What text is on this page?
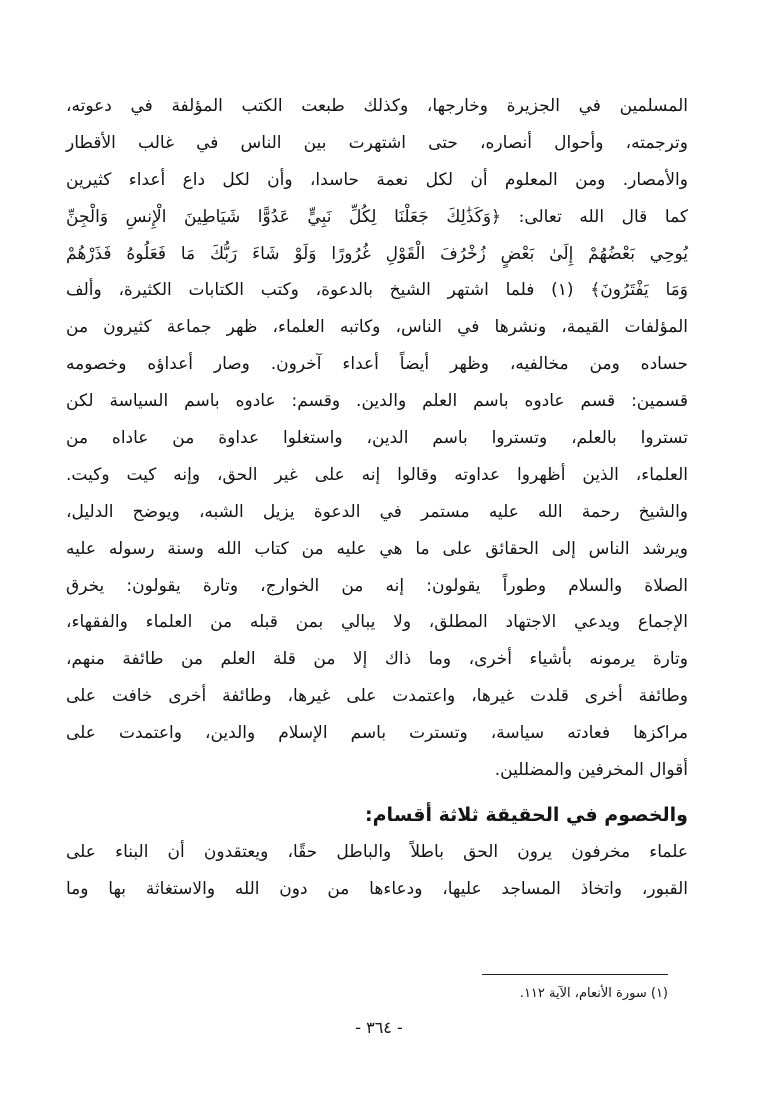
المسلمين في الجزيرة وخارجها، وكذلك طبعت الكتب المؤلفة في دعوته،
وترجمته، وأحوال أنصاره، حتى اشتهرت بين الناس في غالب الأقطار
والأمصار. ومن المعلوم أن لكل نعمة حاسدا، وأن لكل داع أعداء كثيرين
كما قال الله تعالى: ﴿وَكَذَٰلِكَ جَعَلْنَا لِكُلِّ نَبِيٍّ عَدُوًّا شَيَاطِينَ الْإِنسِ وَالْجِنِّ
يُوحِي بَعْضُهُمْ إِلَىٰ بَعْضٍ زُخْرُفَ الْقَوْلِ غُرُورًا وَلَوْ شَاءَ رَبُّكَ مَا فَعَلُوهُ فَذَرْهُمْ
وَمَا يَفْتَرُونَ﴾ (١) فلما اشتهر الشيخ بالدعوة، وكتب الكتابات الكثيرة، وألف
المؤلفات القيمة، ونشرها في الناس، وكاتبه العلماء، ظهر جماعة كثيرون من
حساده ومن مخالفيه، وظهر أيضاً أعداء آخرون. وصار أعداؤه وخصومه
قسمين: قسم عادوه باسم العلم والدين. وقسم: عادوه باسم السياسة لكن
تستروا بالعلم، وتستروا باسم الدين، واستغلوا عداوة من عاداه من
العلماء، الذين أظهروا عداوته وقالوا إنه على غير الحق، وإنه كيت وكيت.
والشيخ رحمة الله عليه مستمر في الدعوة يزيل الشبه، ويوضح الدليل،
ويرشد الناس إلى الحقائق على ما هي عليه من كتاب الله وسنة رسوله عليه
الصلاة والسلام وطوراً يقولون: إنه من الخوارج، وتارة يقولون: يخرق
الإجماع ويدعي الاجتهاد المطلق، ولا يبالي بمن قبله من العلماء والفقهاء،
وتارة يرمونه بأشياء أخرى، وما ذاك إلا من قلة العلم من طائفة منهم،
وطائفة أخرى قلدت غيرها، واعتمدت على غيرها، وطائفة أخرى خافت على
مراكزها فعادته سياسة، وتسترت باسم الإسلام والدين، واعتمدت على
أقوال المخرفين والمضللين.
والخصوم في الحقيقة ثلاثة أقسام:
علماء مخرفون يرون الحق باطلاً والباطل حقًا، ويعتقدون أن البناء على
القبور، واتخاذ المساجد عليها، ودعاءها من دون الله والاستغاثة بها وما
(١) سورة الأنعام، الآية ١١٢.
- ٣٦٤ -
